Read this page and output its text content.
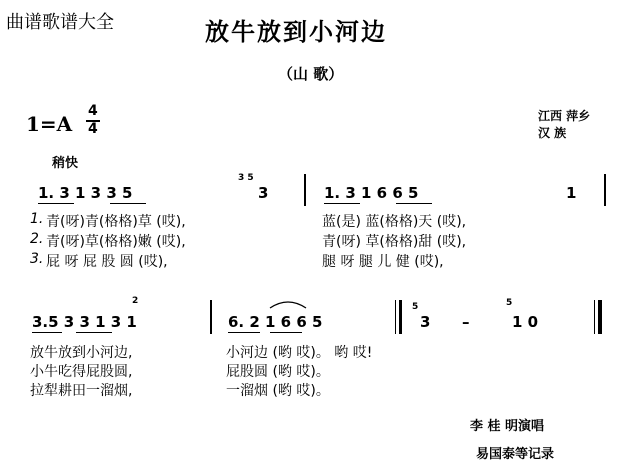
曲谱歌谱大全	放牛放到小河边
（山 歌）
1=A
4
4
稍快
江西 萍乡
汉 族
1. 3 1 3 3 5
3 5
3	1. 3 1 6 6 5	1
1. 青(呀)青(格格)草 (哎),	蓝(是) 蓝(格格)天 (哎),
2. 青(呀)草(格格)嫩 (哎),	青(呀) 草(格格)甜 (哎),
3. 屁 呀 屁 股 圆 (哎),	腿 呀 腿 儿 健 (哎),
3.5 3 3 1 3 1
2
6. 2 1 6 6 5
5
3 –
5
1 0
放牛放到小河边,	小河边 (哟 哎)。 哟 哎!
小牛吃得屁股圆,	屁股圆 (哟 哎)。
拉犁耕田一溜烟,	一溜烟 (哟 哎)。
李 桂 明演唱
易国泰等记录
